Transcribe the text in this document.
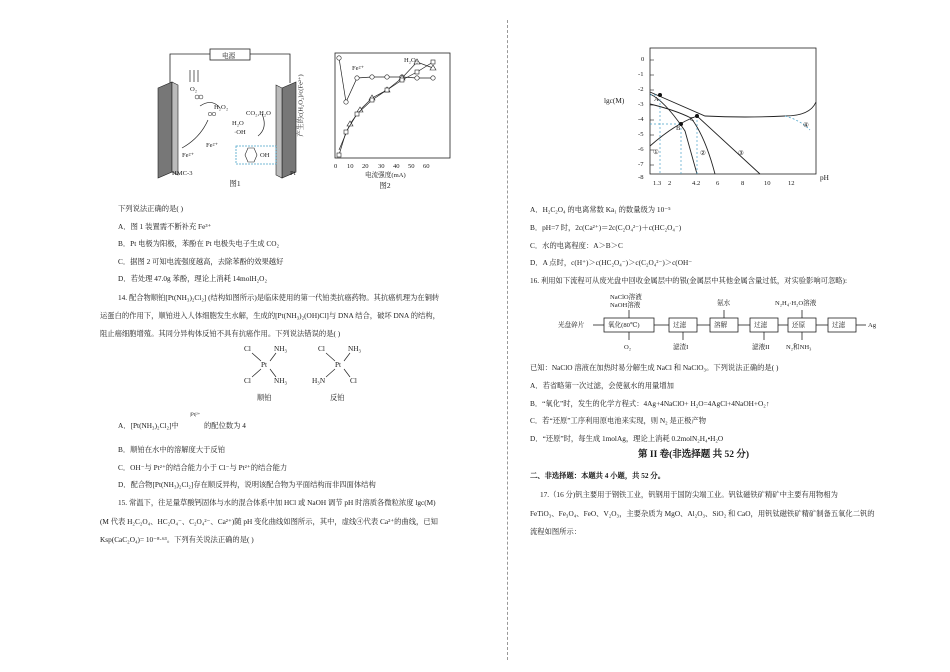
电源
O₂
H₂O₂
CO₂,H₂O
H₂O
·OH
Fe²⁺
Fe²⁺	OH
HMC-3	Pt
图1
产生的c(H₂O₂)/c(Fe²⁺)
Fe²⁺
H₂O₂
0 10 20 30 40 50 60
电流强度(mA)
图2
下列说法正确的是( )
A．图 1 装置需不断补充 Fe³⁺
B．Pt 电极为阳极，苯酚在 Pt 电极失电子生成 CO₂
C．据图 2 可知电流强度越高，去除苯酚的效果越好
D．若处理 47.0g 苯酚，理论上消耗 14molH₂O₂
14. 配合物顺铂[Pt(NH₃)₂Cl₂] (结构如图所示)是临床使用的第一代铂类抗癌药物。其抗癌机理为在铜转
运蛋白的作用下，顺铂进入人体细胞发生水解，生成的[Pt(NH₃)₂(OH)Cl]与 DNA 结合，破坏 DNA 的结构，
阻止癌细胞增殖。其同分异构体反铂不具有抗癌作用。下列说法错误的是( )
Cl	NH₃
Pt
Cl	NH₃
顺铂
Cl	NH₃
Pt
H₃N	Cl
反铂
A．[Pt(NH₃)₂Cl₂]中
|Pt|²⁺
的配位数为 4
B．顺铂在水中的溶解度大于反铂
C．OH⁻与 Pt²⁺的结合能力小于 Cl⁻与 Pt²⁺的结合能力
D．配合物[Pt(NH₃)₂Cl₂]存在顺反异构，说明该配合物为平面结构而非四面体结构
15. 常温下，往足量草酸钙固体与水的混合体系中加 HCl 或 NaOH 调节 pH 时溶质各微粒浓度 lgc(M)
(M 代表 H₂C₂O₄、HC₂O₄⁻、C₂O₄²⁻、Ca²⁺)随 pH 变化曲线如图所示，其中，虚线④代表 Ca²⁺的曲线，已知
Ksp(CaC₂O₄)= 10⁻⁸·⁶³。下列有关说法正确的是( )
lgc(M)
0
-1
-2
-3
-4
-5
-6
-7
-8
1.3 2	4.2 6	8	10	12
pH
A
B
C
①	②	③
④
A．H₂C₂O₄ 的电离常数 Ka₁ 的数量级为 10⁻⁵
B．pH=7 时，2c(Ca²⁺)＝2c(C₂O₄²⁻)＋c(HC₂O₄⁻)
C．水的电离程度：A＞B＞C
D．A 点时，c(H⁺)＞c(HC₂O₄⁻)＞c(C₂O₄²⁻)＞c(OH⁻
16. 利用如下流程可从废光盘中回收金属层中的银(金属层中其他金属含量过低，对实验影响可忽略):
光盘碎片
NaClO溶液
NaOH溶液
氧化(80℃)
O₂
过滤
滤渣I
氨水
溶解	过滤
滤液II
N₂H₄·H₂O溶液
还原
N₂和NH₃
过滤	Ag
已知：NaClO 溶液在加热时易分解生成 NaCl 和 NaClO₃。下列说法正确的是( )
A．若省略第一次过滤，会使氨水的用量增加
B．“氧化”时，发生的化学方程式：4Ag+4NaClO+ H₂O=4AgCl+4NaOH+O₂↑
C．若“还原”工序利用原电池来实现，则 N₂ 是正极产物
D．“还原”时，每生成 1molAg，理论上消耗 0.2molN₂H₄•H₂O
第 II 卷(非选择题 共 52 分)
二、非选择题：本题共 4 小题，共 52 分。
17.（16 分)钒主要用于钢铁工业，钒钢用于国防尖端工业。钒钛磁铁矿精矿中主要有用物相为
FeTiO₃、Fe₃O₄、FeO、V₂O₃，主要杂质为 MgO、Al₂O₃、SiO₂ 和 CaO，用钒钛磁铁矿精矿制备五氧化二钒的
流程如图所示：
